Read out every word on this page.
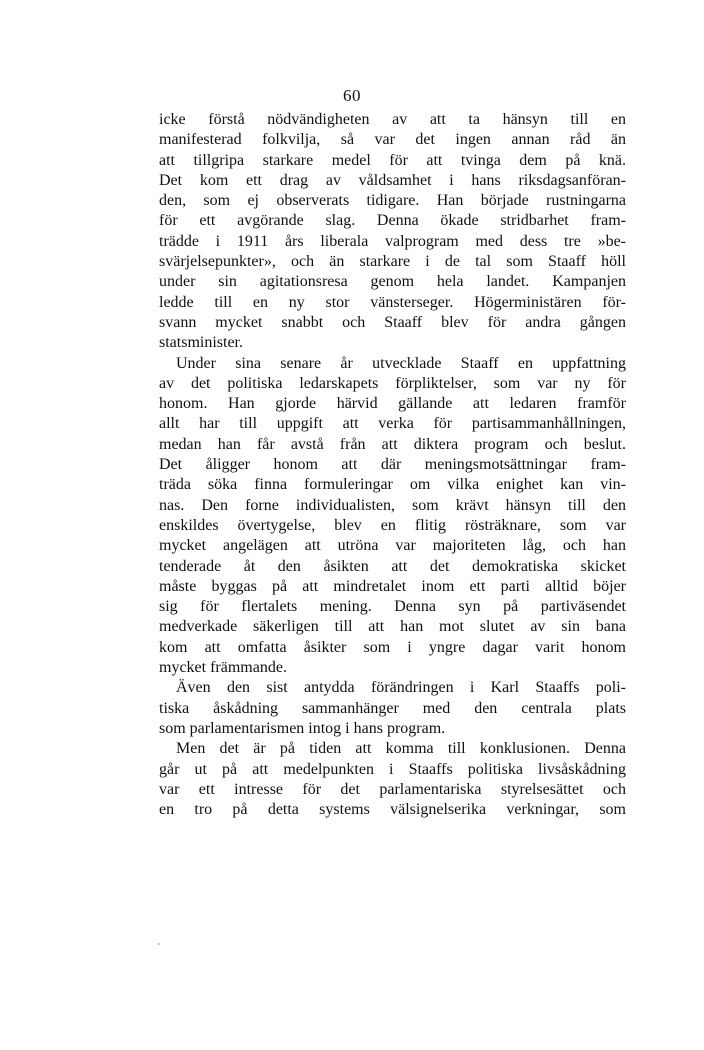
60
icke förstå nödvändigheten av att ta hänsyn till en
manifesterad folkvilja, så var det ingen annan råd än
att tillgripa starkare medel för att tvinga dem på knä.
Det kom ett drag av våldsamhet i hans riksdagsanföran-
den, som ej observerats tidigare. Han började rustningarna
för ett avgörande slag. Denna ökade stridbarhet fram-
trädde i 1911 års liberala valprogram med dess tre »be-
svärjelsepunkter», och än starkare i de tal som Staaff höll
under sin agitationsresa genom hela landet. Kampanjen
ledde till en ny stor vänsterseger. Högerministären för-
svann mycket snabbt och Staaff blev för andra gången
statsminister.
Under sina senare år utvecklade Staaff en uppfattning
av det politiska ledarskapets förpliktelser, som var ny för
honom. Han gjorde härvid gällande att ledaren framför
allt har till uppgift att verka för partisammanhållningen,
medan han får avstå från att diktera program och beslut.
Det åligger honom att där meningsmotsättningar fram-
träda söka finna formuleringar om vilka enighet kan vin-
nas. Den forne individualisten, som krävt hänsyn till den
enskildes övertygelse, blev en flitig rösträknare, som var
mycket angelägen att utröna var majoriteten låg, och han
tenderade åt den åsikten att det demokratiska skicket
måste byggas på att mindretalet inom ett parti alltid böjer
sig för flertalets mening. Denna syn på partiväsendet
medverkade säkerligen till att han mot slutet av sin bana
kom att omfatta åsikter som i yngre dagar varit honom
mycket främmande.
Även den sist antydda förändringen i Karl Staaffs poli-
tiska åskådning sammanhänger med den centrala plats
som parlamentarismen intog i hans program.
Men det är på tiden att komma till konklusionen. Denna
går ut på att medelpunkten i Staaffs politiska livsåskådning
var ett intresse för det parlamentariska styrelsesättet och
en tro på detta systems välsignelserika verkningar, som
